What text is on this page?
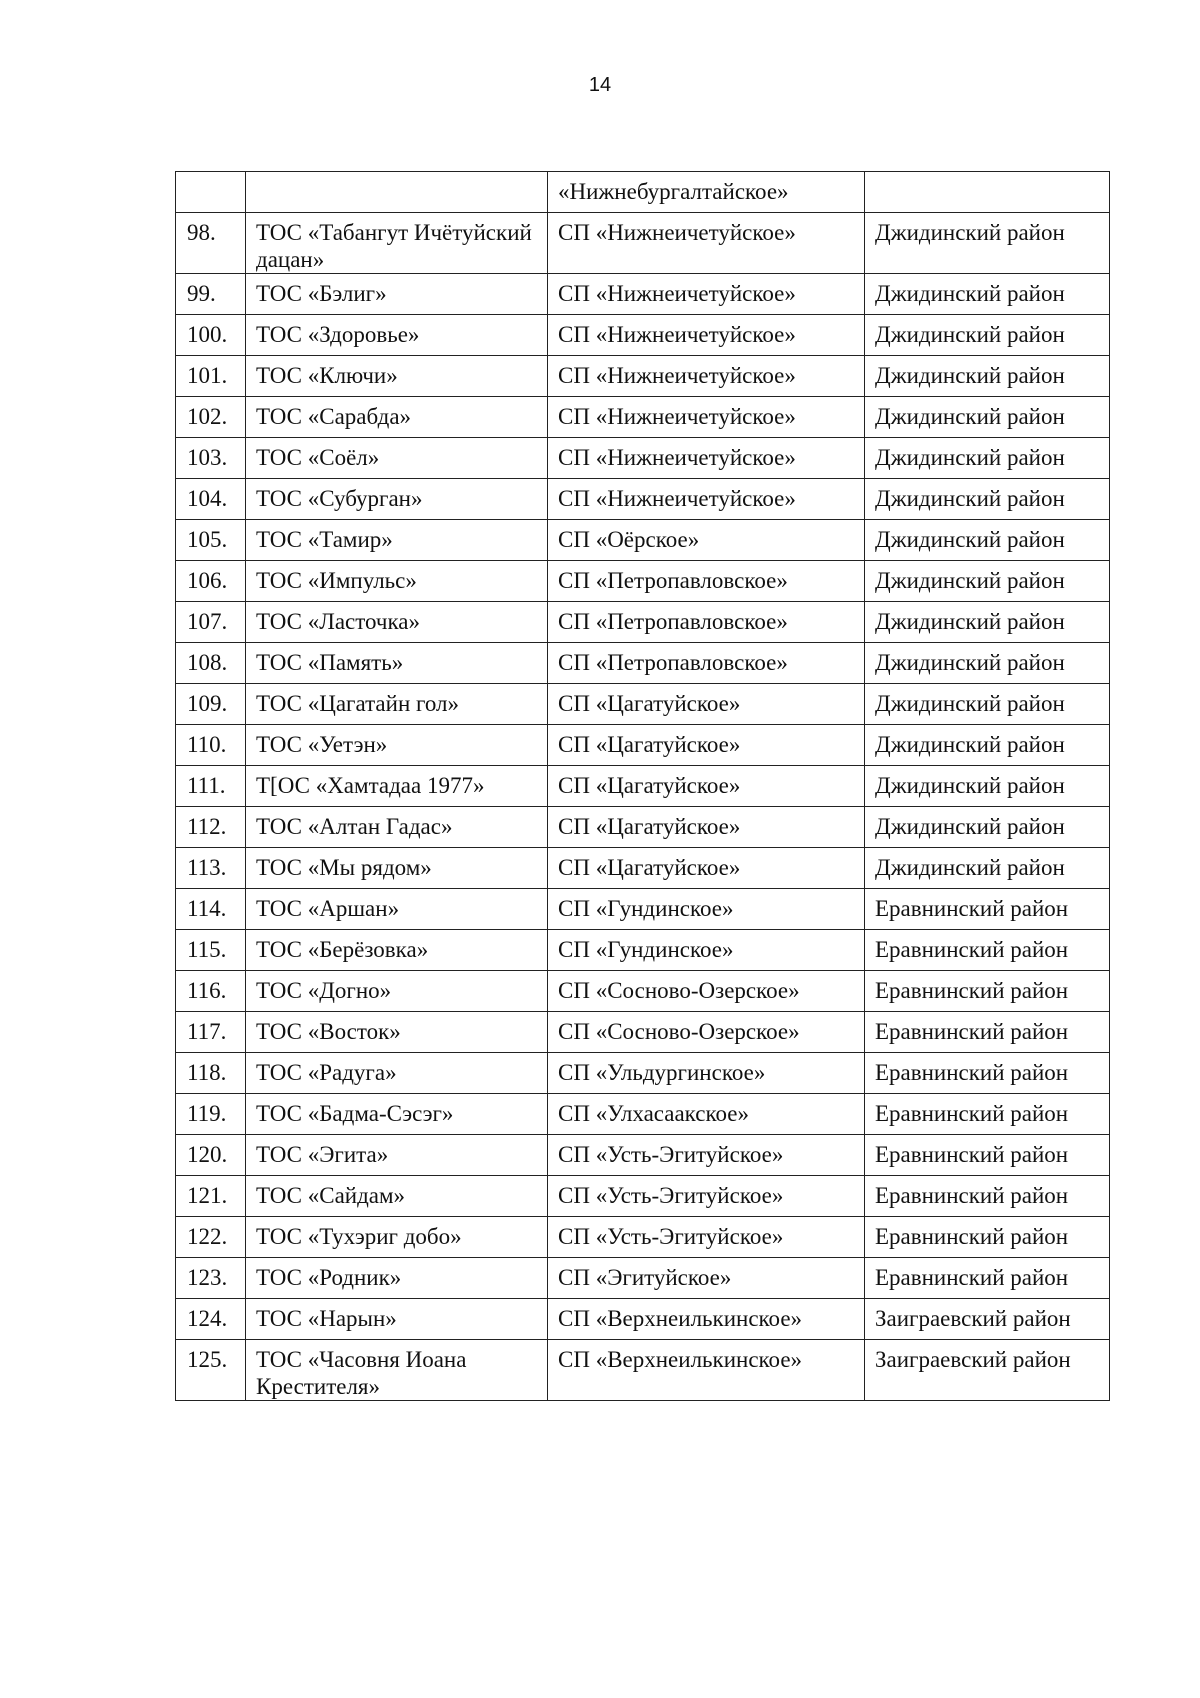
14
		«Нижнебургалтайское»	
98.	ТОС «Табангут Ичётуйский дацан»	СП «Нижнеичетуйское»	Джидинский район
99.	ТОС «Бэлиг»	СП «Нижнеичетуйское»	Джидинский район
100.	ТОС «Здоровье»	СП «Нижнеичетуйское»	Джидинский район
101.	ТОС «Ключи»	СП «Нижнеичетуйское»	Джидинский район
102.	ТОС «Сарабда»	СП «Нижнеичетуйское»	Джидинский район
103.	ТОС «Соёл»	СП «Нижнеичетуйское»	Джидинский район
104.	ТОС «Субурган»	СП «Нижнеичетуйское»	Джидинский район
105.	ТОС «Тамир»	СП «Оёрское»	Джидинский район
106.	ТОС «Импульс»	СП «Петропавловское»	Джидинский район
107.	ТОС «Ласточка»	СП «Петропавловское»	Джидинский район
108.	ТОС «Память»	СП «Петропавловское»	Джидинский район
109.	ТОС «Цагатайн гол»	СП «Цагатуйское»	Джидинский район
110.	ТОС «Уетэн»	СП «Цагатуйское»	Джидинский район
111.	Т[ОС «Хамтадаа 1977»	СП «Цагатуйское»	Джидинский район
112.	ТОС «Алтан Гадас»	СП «Цагатуйское»	Джидинский район
113.	ТОС «Мы рядом»	СП «Цагатуйское»	Джидинский район
114.	ТОС «Аршан»	СП «Гундинское»	Еравнинский район
115.	ТОС «Берёзовка»	СП «Гундинское»	Еравнинский район
116.	ТОС «Догно»	СП «Сосново-Озерское»	Еравнинский район
117.	ТОС «Восток»	СП «Сосново-Озерское»	Еравнинский район
118.	ТОС «Радуга»	СП «Ульдургинское»	Еравнинский район
119.	ТОС «Бадма-Сэсэг»	СП «Улхасаакское»	Еравнинский район
120.	ТОС «Эгита»	СП «Усть-Эгитуйское»	Еравнинский район
121.	ТОС «Сайдам»	СП «Усть-Эгитуйское»	Еравнинский район
122.	ТОС «Тухэриг добо»	СП «Усть-Эгитуйское»	Еравнинский район
123.	ТОС «Родник»	СП «Эгитуйское»	Еравнинский район
124.	ТОС «Нарын»	СП «Верхнеилькинское»	Заиграевский район
125.	ТОС «Часовня Иоана Крестителя»	СП «Верхнеилькинское»	Заиграевский район
